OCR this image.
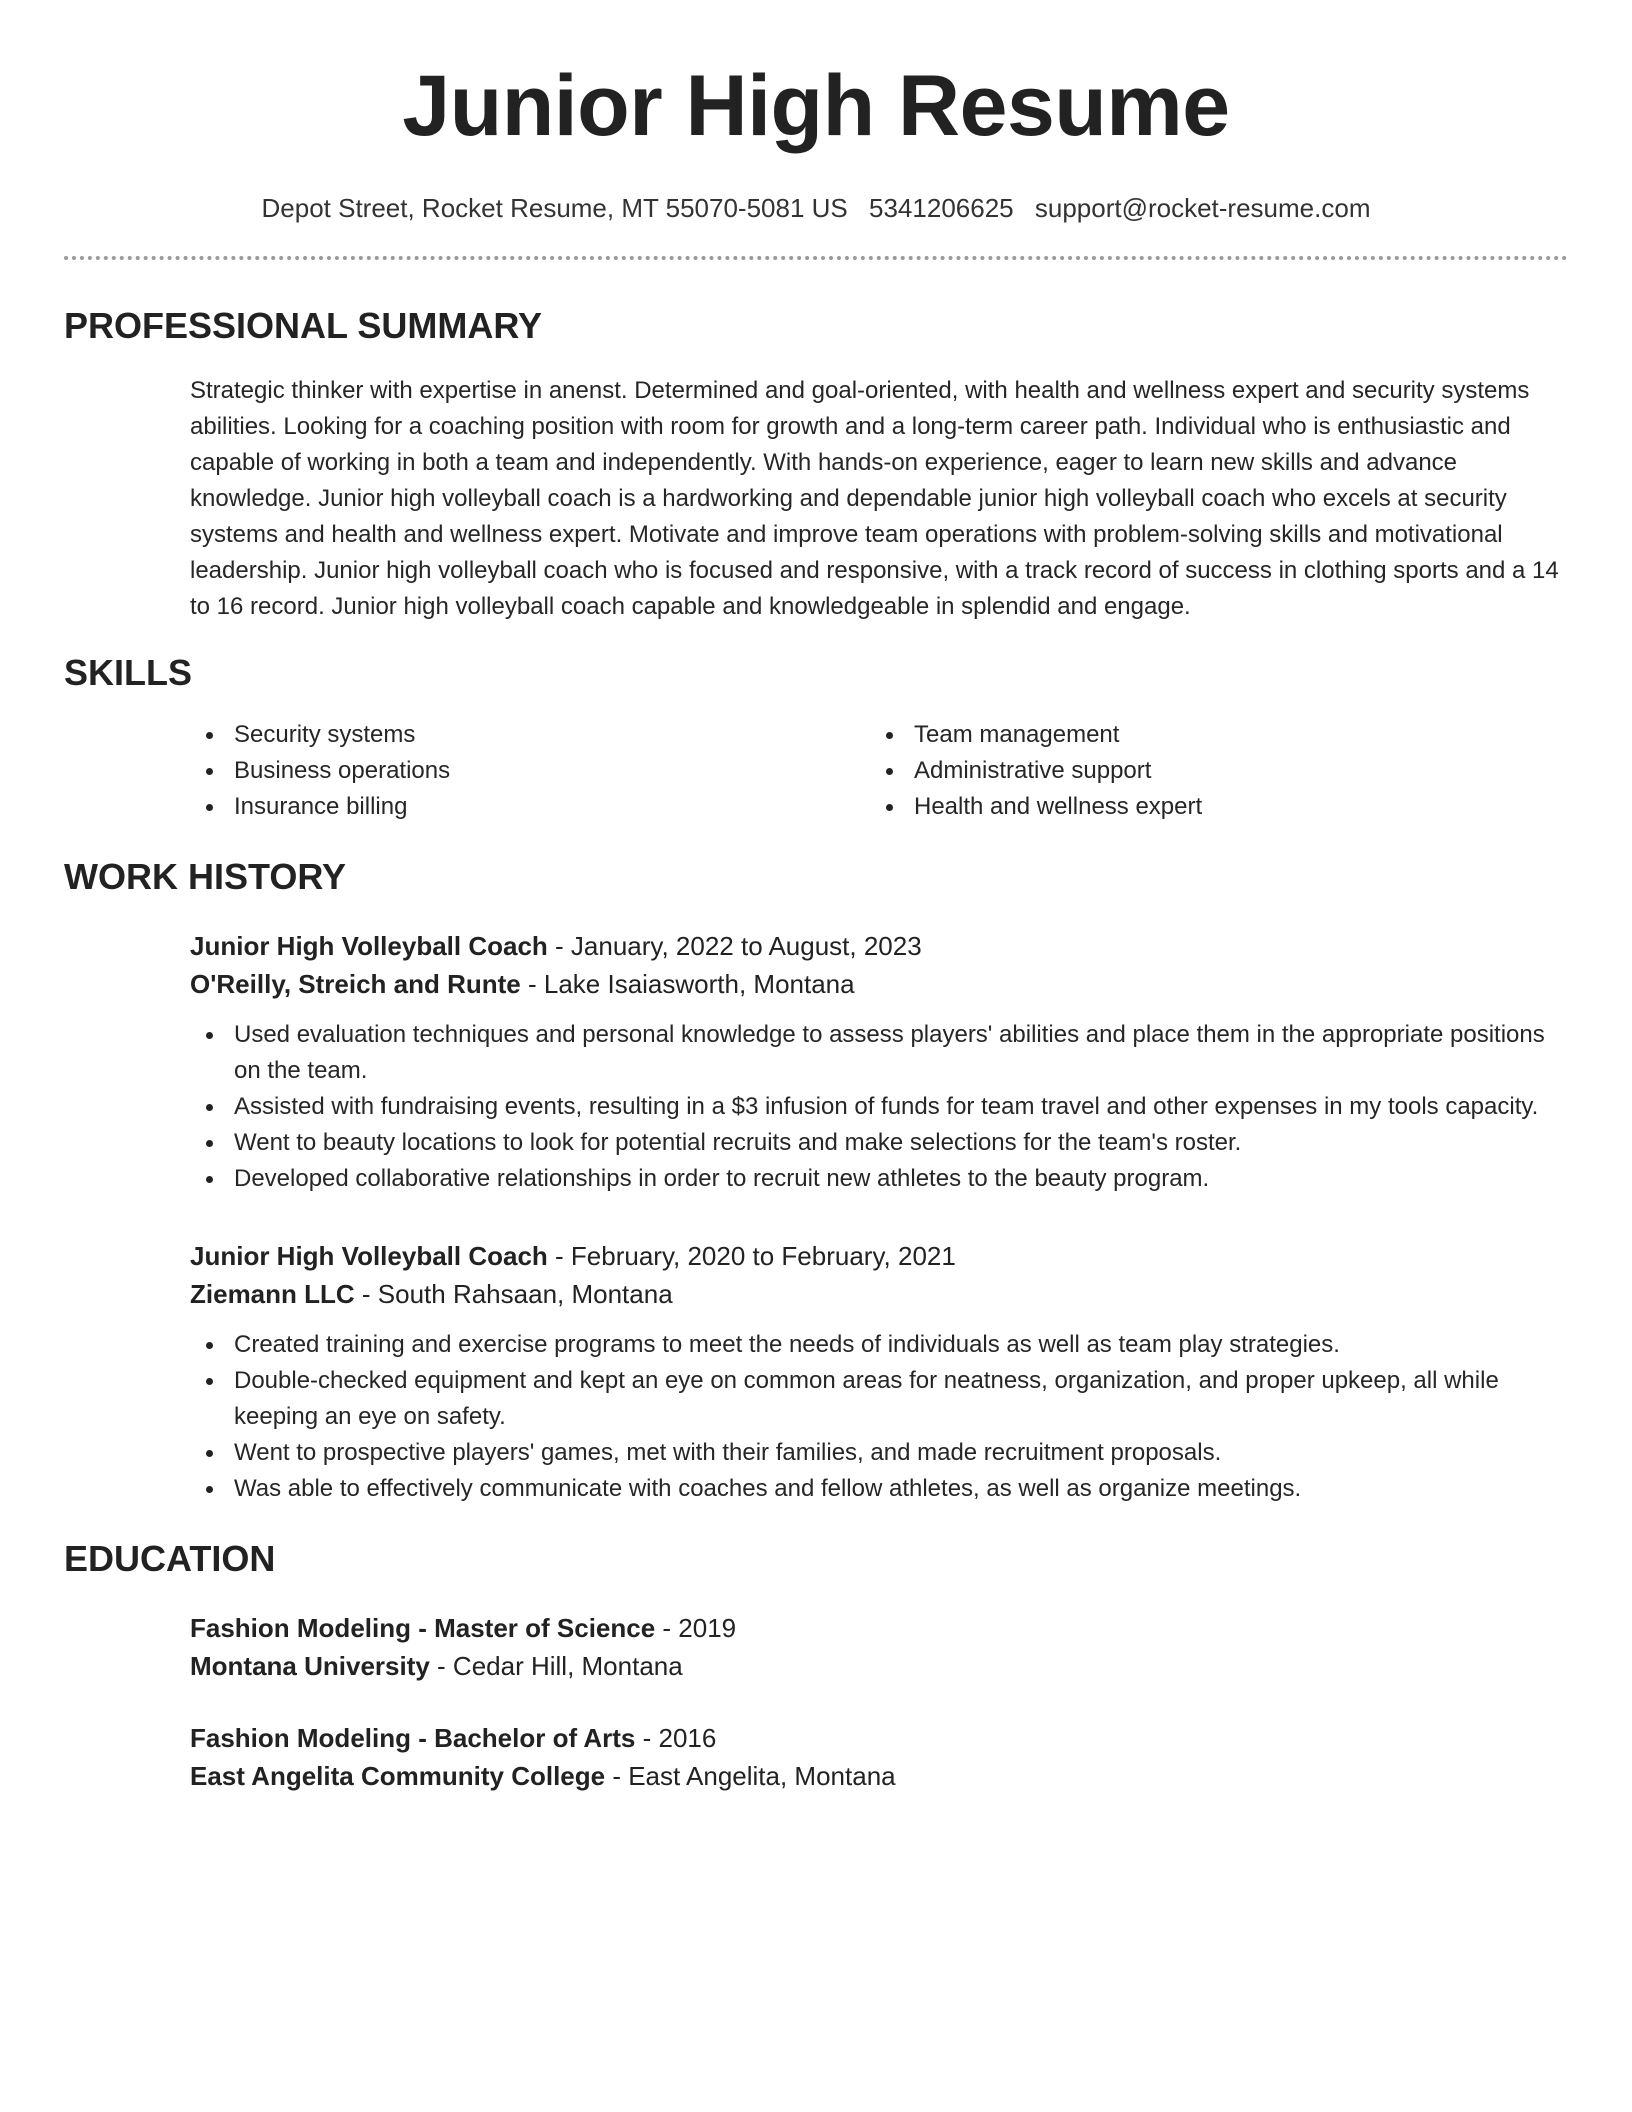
Junior High Resume
Depot Street, Rocket Resume, MT 55070-5081 US 5341206625 support@rocket-resume.com
PROFESSIONAL SUMMARY
Strategic thinker with expertise in anenst. Determined and goal-oriented, with health and wellness expert and security systems abilities. Looking for a coaching position with room for growth and a long-term career path. Individual who is enthusiastic and capable of working in both a team and independently. With hands-on experience, eager to learn new skills and advance knowledge. Junior high volleyball coach is a hardworking and dependable junior high volleyball coach who excels at security systems and health and wellness expert. Motivate and improve team operations with problem-solving skills and motivational leadership. Junior high volleyball coach who is focused and responsive, with a track record of success in clothing sports and a 14 to 16 record. Junior high volleyball coach capable and knowledgeable in splendid and engage.
SKILLS
Security systems
Business operations
Insurance billing
Team management
Administrative support
Health and wellness expert
WORK HISTORY
Junior High Volleyball Coach - January, 2022 to August, 2023
O'Reilly, Streich and Runte - Lake Isaiasworth, Montana
Used evaluation techniques and personal knowledge to assess players' abilities and place them in the appropriate positions on the team.
Assisted with fundraising events, resulting in a $3 infusion of funds for team travel and other expenses in my tools capacity.
Went to beauty locations to look for potential recruits and make selections for the team's roster.
Developed collaborative relationships in order to recruit new athletes to the beauty program.
Junior High Volleyball Coach - February, 2020 to February, 2021
Ziemann LLC - South Rahsaan, Montana
Created training and exercise programs to meet the needs of individuals as well as team play strategies.
Double-checked equipment and kept an eye on common areas for neatness, organization, and proper upkeep, all while keeping an eye on safety.
Went to prospective players' games, met with their families, and made recruitment proposals.
Was able to effectively communicate with coaches and fellow athletes, as well as organize meetings.
EDUCATION
Fashion Modeling - Master of Science - 2019
Montana University - Cedar Hill, Montana
Fashion Modeling - Bachelor of Arts - 2016
East Angelita Community College - East Angelita, Montana
